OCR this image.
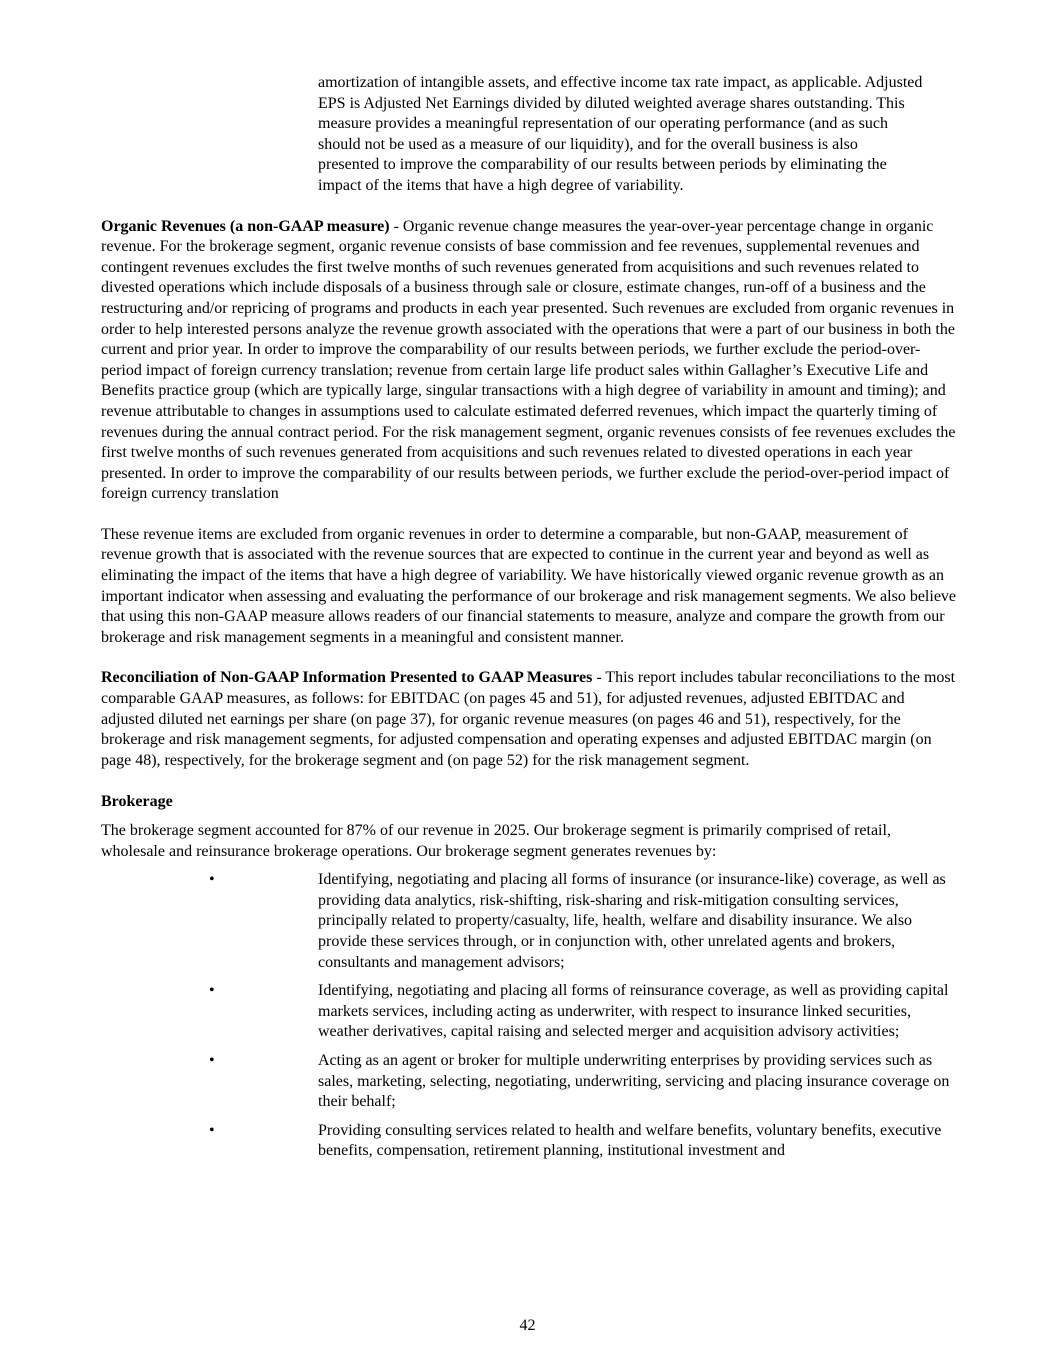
amortization of intangible assets, and effective income tax rate impact, as applicable. Adjusted EPS is Adjusted Net Earnings divided by diluted weighted average shares outstanding. This measure provides a meaningful representation of our operating performance (and as such should not be used as a measure of our liquidity), and for the overall business is also presented to improve the comparability of our results between periods by eliminating the impact of the items that have a high degree of variability.

Organic Revenues (a non-GAAP measure) - Organic revenue change measures the year-over-year percentage change in organic revenue. For the brokerage segment, organic revenue consists of base commission and fee revenues, supplemental revenues and contingent revenues excludes the first twelve months of such revenues generated from acquisitions and such revenues related to divested operations which include disposals of a business through sale or closure, estimate changes, run-off of a business and the restructuring and/or repricing of programs and products in each year presented. Such revenues are excluded from organic revenues in order to help interested persons analyze the revenue growth associated with the operations that were a part of our business in both the current and prior year. In order to improve the comparability of our results between periods, we further exclude the period-over-period impact of foreign currency translation; revenue from certain large life product sales within Gallagher’s Executive Life and Benefits practice group (which are typically large, singular transactions with a high degree of variability in amount and timing); and revenue attributable to changes in assumptions used to calculate estimated deferred revenues, which impact the quarterly timing of revenues during the annual contract period. For the risk management segment, organic revenues consists of fee revenues excludes the first twelve months of such revenues generated from acquisitions and such revenues related to divested operations in each year presented. In order to improve the comparability of our results between periods, we further exclude the period-over-period impact of foreign currency translation

These revenue items are excluded from organic revenues in order to determine a comparable, but non-GAAP, measurement of revenue growth that is associated with the revenue sources that are expected to continue in the current year and beyond as well as eliminating the impact of the items that have a high degree of variability. We have historically viewed organic revenue growth as an important indicator when assessing and evaluating the performance of our brokerage and risk management segments. We also believe that using this non-GAAP measure allows readers of our financial statements to measure, analyze and compare the growth from our brokerage and risk management segments in a meaningful and consistent manner.

Reconciliation of Non-GAAP Information Presented to GAAP Measures - This report includes tabular reconciliations to the most comparable GAAP measures, as follows: for EBITDAC (on pages 45 and 51), for adjusted revenues, adjusted EBITDAC and adjusted diluted net earnings per share (on page 37), for organic revenue measures (on pages 46 and 51), respectively, for the brokerage and risk management segments, for adjusted compensation and operating expenses and adjusted EBITDAC margin (on page 48), respectively, for the brokerage segment and (on page 52) for the risk management segment.

Brokerage

The brokerage segment accounted for 87% of our revenue in 2025. Our brokerage segment is primarily comprised of retail, wholesale and reinsurance brokerage operations. Our brokerage segment generates revenues by:

•	Identifying, negotiating and placing all forms of insurance (or insurance-like) coverage, as well as providing data analytics, risk-shifting, risk-sharing and risk-mitigation consulting services, principally related to property/casualty, life, health, welfare and disability insurance. We also provide these services through, or in conjunction with, other unrelated agents and brokers, consultants and management advisors;
•	Identifying, negotiating and placing all forms of reinsurance coverage, as well as providing capital markets services, including acting as underwriter, with respect to insurance linked securities, weather derivatives, capital raising and selected merger and acquisition advisory activities;
•	Acting as an agent or broker for multiple underwriting enterprises by providing services such as sales, marketing, selecting, negotiating, underwriting, servicing and placing insurance coverage on their behalf;
•	Providing consulting services related to health and welfare benefits, voluntary benefits, executive benefits, compensation, retirement planning, institutional investment and
42
